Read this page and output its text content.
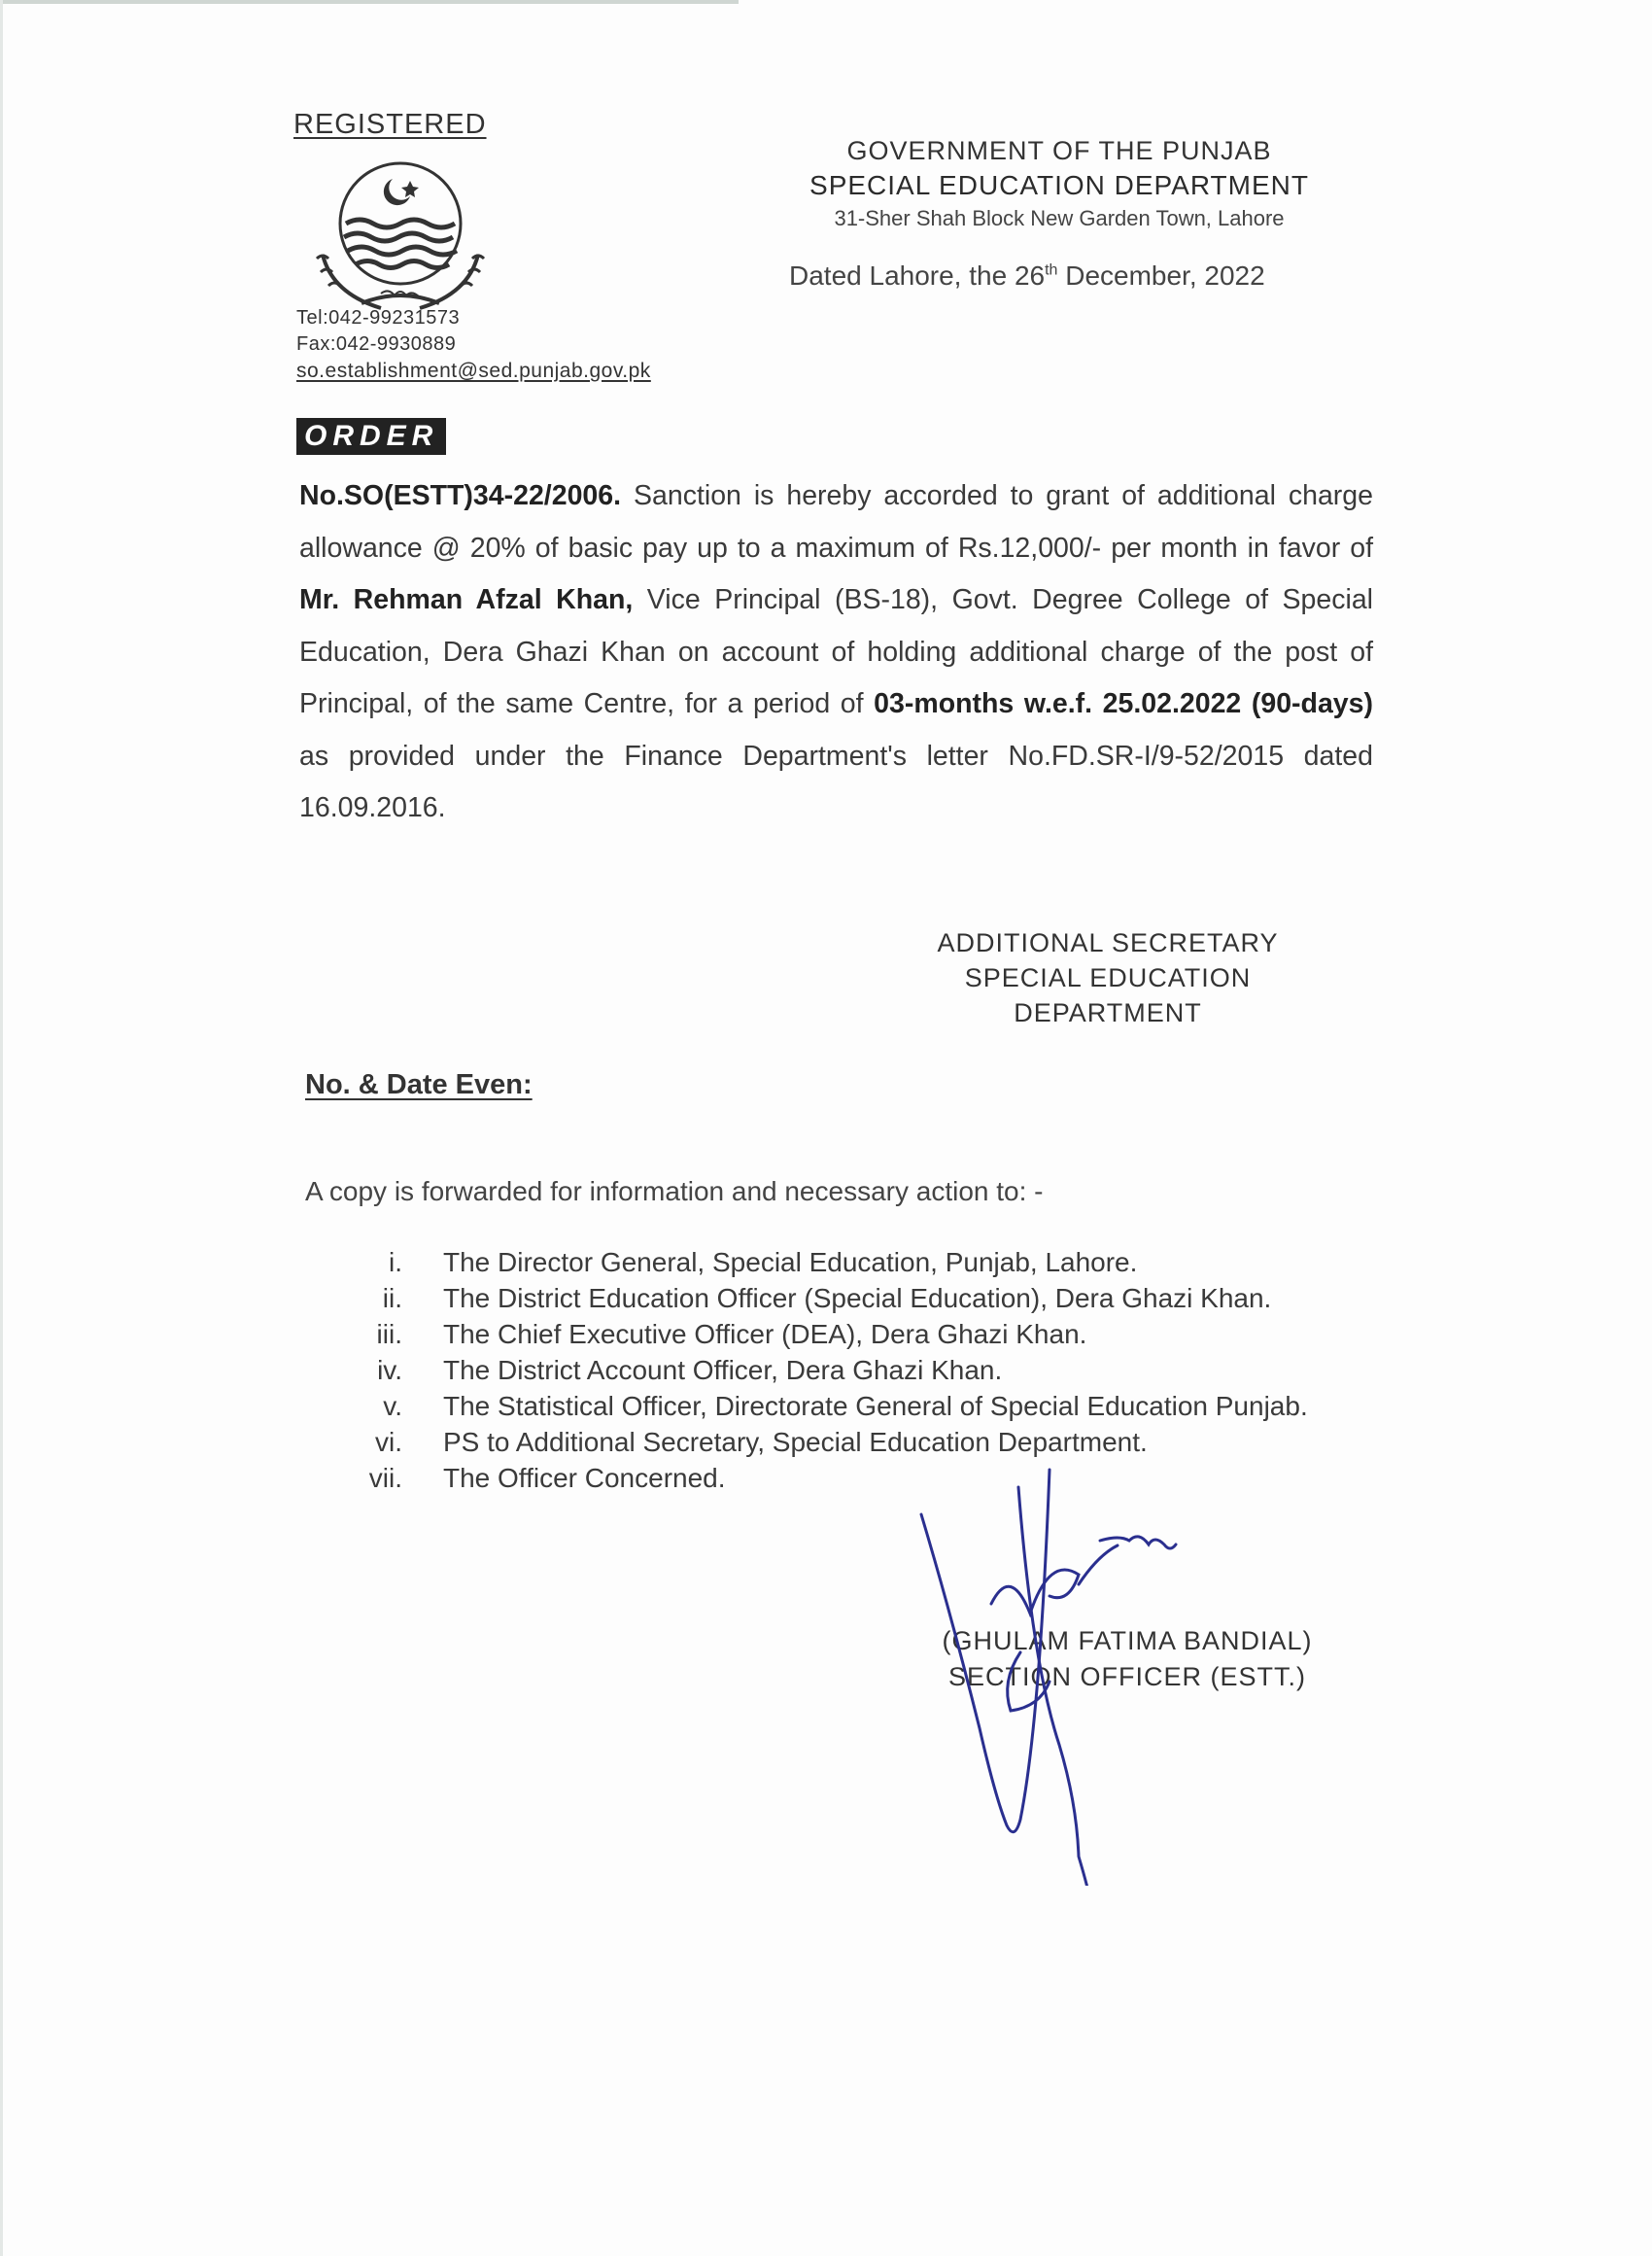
REGISTERED
Tel:042-99231573
Fax:042-9930889
so.establishment@sed.punjab.gov.pk
GOVERNMENT OF THE PUNJAB
SPECIAL EDUCATION DEPARTMENT
31-Sher Shah Block New Garden Town, Lahore
Dated Lahore, the 26th December, 2022
ORDER
No.SO(ESTT)34-22/2006. Sanction is hereby accorded to grant of additional charge allowance @ 20% of basic pay up to a maximum of Rs.12,000/- per month in favor of Mr. Rehman Afzal Khan, Vice Principal (BS-18), Govt. Degree College of Special Education, Dera Ghazi Khan on account of holding additional charge of the post of Principal, of the same Centre, for a period of 03-months w.e.f. 25.02.2022 (90-days) as provided under the Finance Department's letter No.FD.SR-I/9-52/2015 dated 16.09.2016.
ADDITIONAL SECRETARY
SPECIAL EDUCATION
DEPARTMENT
No. & Date Even:
A copy is forwarded for information and necessary action to: -
i. The Director General, Special Education, Punjab, Lahore.
ii. The District Education Officer (Special Education), Dera Ghazi Khan.
iii. The Chief Executive Officer (DEA), Dera Ghazi Khan.
iv. The District Account Officer, Dera Ghazi Khan.
v. The Statistical Officer, Directorate General of Special Education Punjab.
vi. PS to Additional Secretary, Special Education Department.
vii. The Officer Concerned.
(GHULAM FATIMA BANDIAL)
SECTION OFFICER (ESTT.)
